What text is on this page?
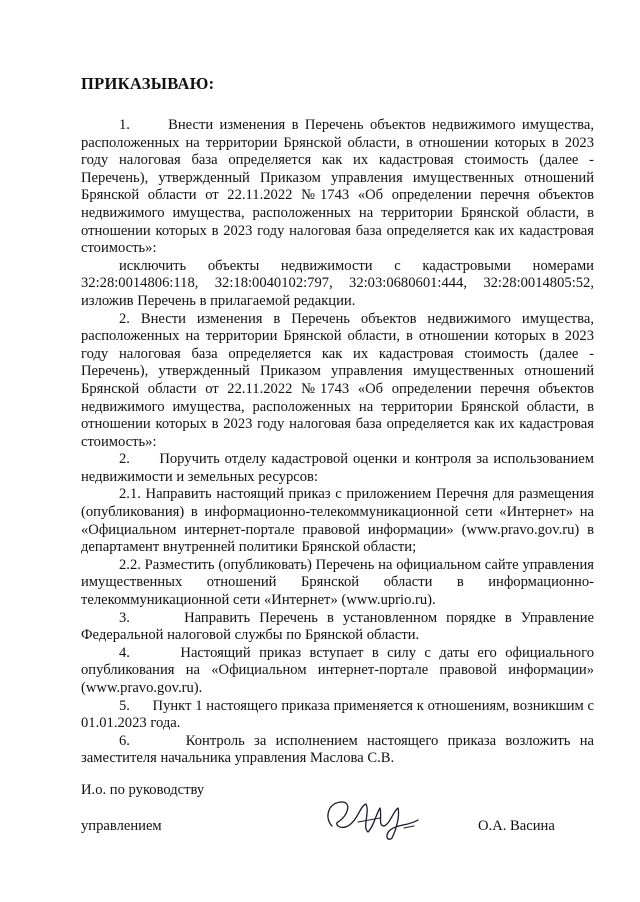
ПРИКАЗЫВАЮ:

1.      Внести изменения в Перечень объектов недвижимого имущества, расположенных на территории Брянской области, в отношении которых в 2023 году налоговая база определяется как их кадастровая стоимость (далее - Перечень), утвержденный Приказом управления имущественных отношений Брянской области от 22.11.2022 №1743 «Об определении перечня объектов недвижимого имущества, расположенных на территории Брянской области, в отношении которых в 2023 году налоговая база определяется как их кадастровая стоимость»:

исключить объекты недвижимости с кадастровыми номерами 32:28:0014806:118, 32:18:0040102:797, 32:03:0680601:444, 32:28:0014805:52, изложив Перечень в прилагаемой редакции.

2. Внести изменения в Перечень объектов недвижимого имущества, расположенных на территории Брянской области, в отношении которых в 2023 году налоговая база определяется как их кадастровая стоимость (далее - Перечень), утвержденный Приказом управления имущественных отношений Брянской области от 22.11.2022 №1743 «Об определении перечня объектов недвижимого имущества, расположенных на территории Брянской области, в отношении которых в 2023 году налоговая база определяется как их кадастровая стоимость»:

2.      Поручить отделу кадастровой оценки и контроля за использованием недвижимости и земельных ресурсов:

2.1. Направить настоящий приказ с приложением Перечня для размещения (опубликования) в информационно-телекоммуникационной сети «Интернет» на «Официальном интернет-портале правовой информации» (www.pravo.gov.ru) в департамент внутренней политики Брянской области;

2.2. Разместить (опубликовать) Перечень на официальном сайте управления имущественных отношений Брянской области в информационно-телекоммуникационной сети «Интернет» (www.uprio.ru).

3.      Направить Перечень в установленном порядке в Управление Федеральной налоговой службы по Брянской области.

4.      Настоящий приказ вступает в силу с даты его официального опубликования на «Официальном интернет-портале правовой информации» (www.pravo.gov.ru).

5.      Пункт 1 настоящего приказа применяется к отношениям, возникшим с 01.01.2023 года.

6.      Контроль за исполнением настоящего приказа возложить на заместителя начальника управления Маслова С.В.

И.о. по руководству
управлением	О.А. Васина
